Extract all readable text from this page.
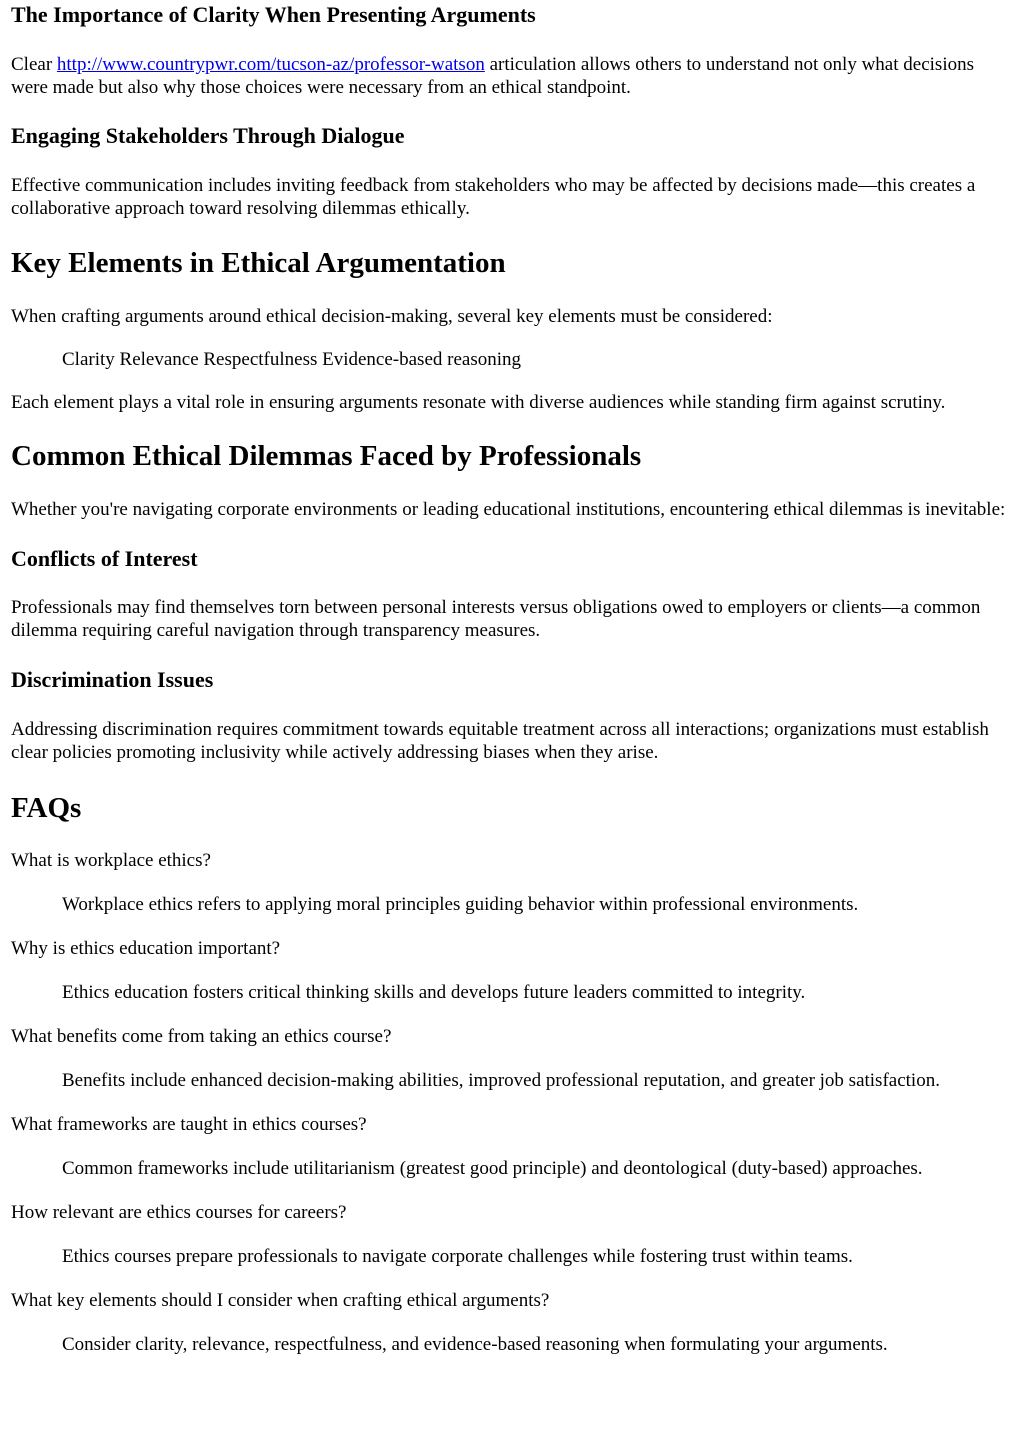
The Importance of Clarity When Presenting Arguments

Clear http://www.countrypwr.com/tucson-az/professor-watson articulation allows others to understand not only what decisions were made but also why those choices were necessary from an ethical standpoint.

Engaging Stakeholders Through Dialogue

Effective communication includes inviting feedback from stakeholders who may be affected by decisions made—this creates a collaborative approach toward resolving dilemmas ethically.

Key Elements in Ethical Argumentation

When crafting arguments around ethical decision-making, several key elements must be considered:

Clarity Relevance Respectfulness Evidence-based reasoning

Each element plays a vital role in ensuring arguments resonate with diverse audiences while standing firm against scrutiny.

Common Ethical Dilemmas Faced by Professionals

Whether you're navigating corporate environments or leading educational institutions, encountering ethical dilemmas is inevitable:

Conflicts of Interest

Professionals may find themselves torn between personal interests versus obligations owed to employers or clients—a common dilemma requiring careful navigation through transparency measures.

Discrimination Issues

Addressing discrimination requires commitment towards equitable treatment across all interactions; organizations must establish clear policies promoting inclusivity while actively addressing biases when they arise.

FAQs

What is workplace ethics?

Workplace ethics refers to applying moral principles guiding behavior within professional environments.

Why is ethics education important?

Ethics education fosters critical thinking skills and develops future leaders committed to integrity.

What benefits come from taking an ethics course?

Benefits include enhanced decision-making abilities, improved professional reputation, and greater job satisfaction.

What frameworks are taught in ethics courses?

Common frameworks include utilitarianism (greatest good principle) and deontological (duty-based) approaches.

How relevant are ethics courses for careers?

Ethics courses prepare professionals to navigate corporate challenges while fostering trust within teams.

What key elements should I consider when crafting ethical arguments?

Consider clarity, relevance, respectfulness, and evidence-based reasoning when formulating your arguments.
